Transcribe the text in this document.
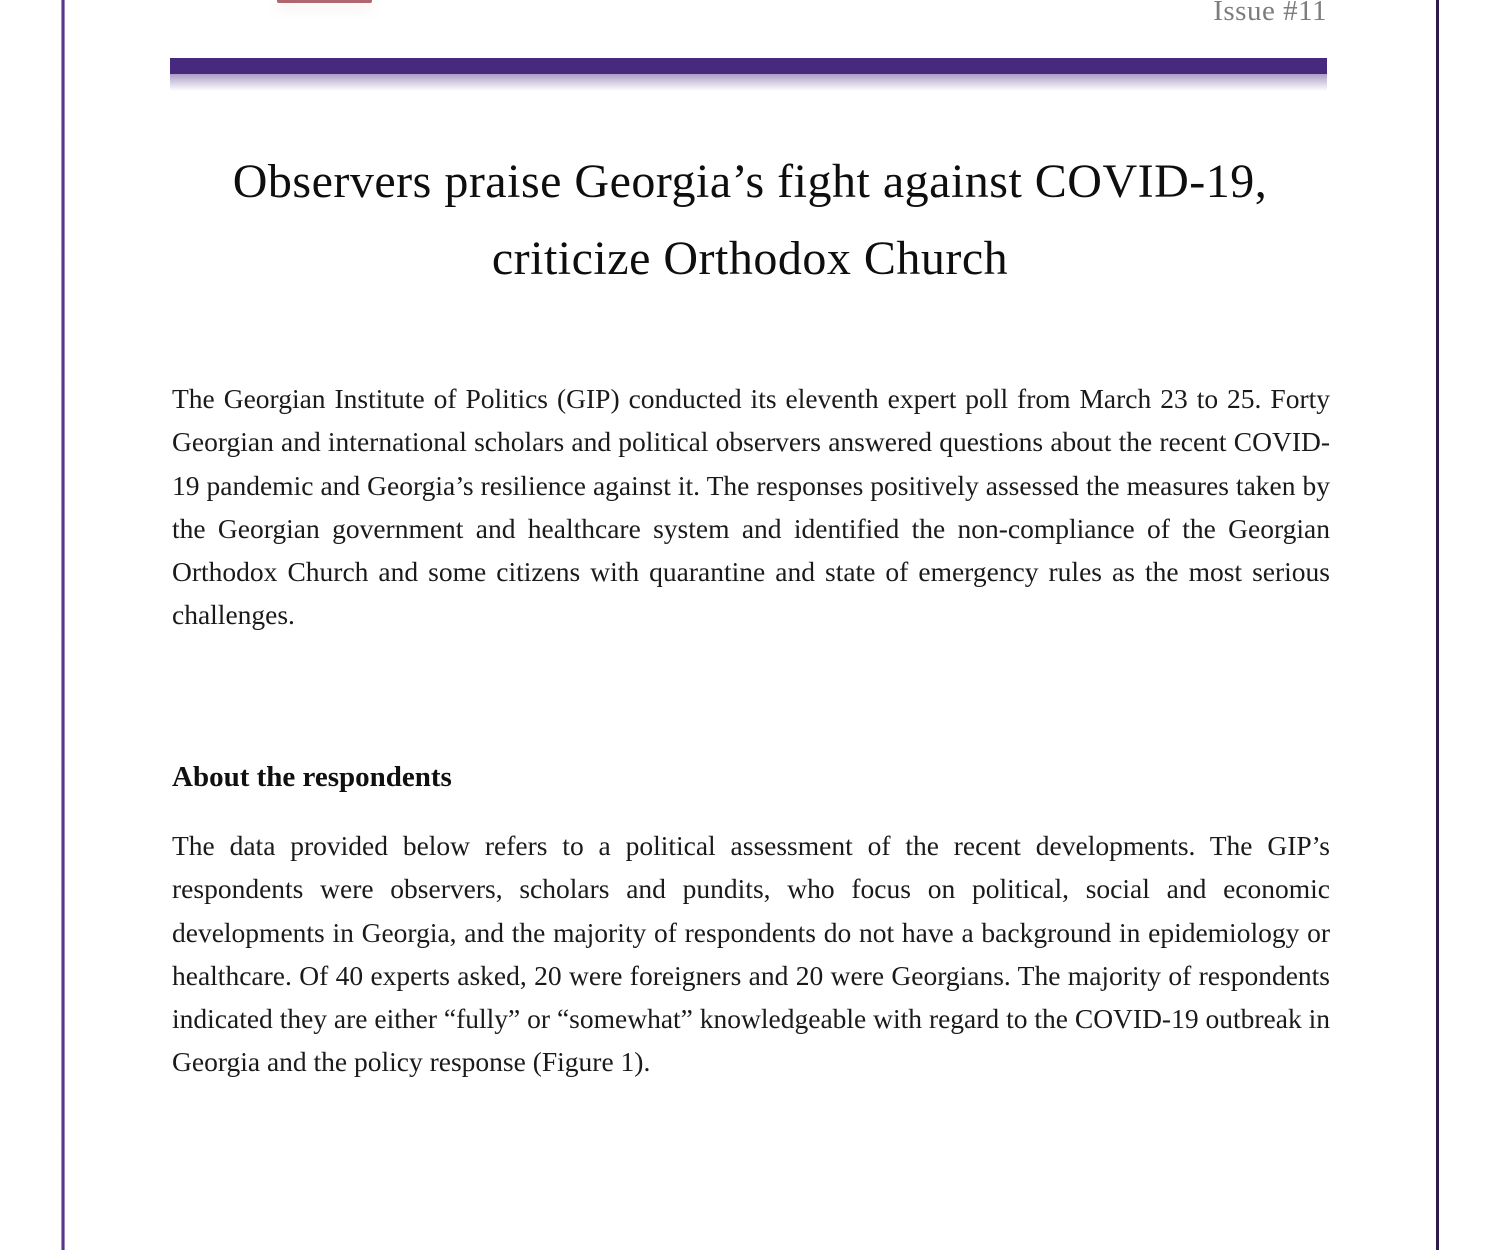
Issue #11
Observers praise Georgia’s fight against COVID-19,
criticize Orthodox Church

The Georgian Institute of Politics (GIP) conducted its eleventh expert poll from March 23 to 25. Forty Georgian and international scholars and political observers answered questions about the recent COVID-19 pandemic and Georgia’s resilience against it. The responses positively assessed the measures taken by the Georgian government and healthcare system and identified the non-compliance of the Georgian Orthodox Church and some citizens with quarantine and state of emergency rules as the most serious challenges.

About the respondents

The data provided below refers to a political assessment of the recent developments. The GIP’s respondents were observers, scholars and pundits, who focus on political, social and economic developments in Georgia, and the majority of respondents do not have a background in epidemiology or healthcare. Of 40 experts asked, 20 were foreigners and 20 were Georgians. The majority of respondents indicated they are either “fully” or “somewhat” knowledgeable with regard to the COVID-19 outbreak in Georgia and the policy response (Figure 1).
